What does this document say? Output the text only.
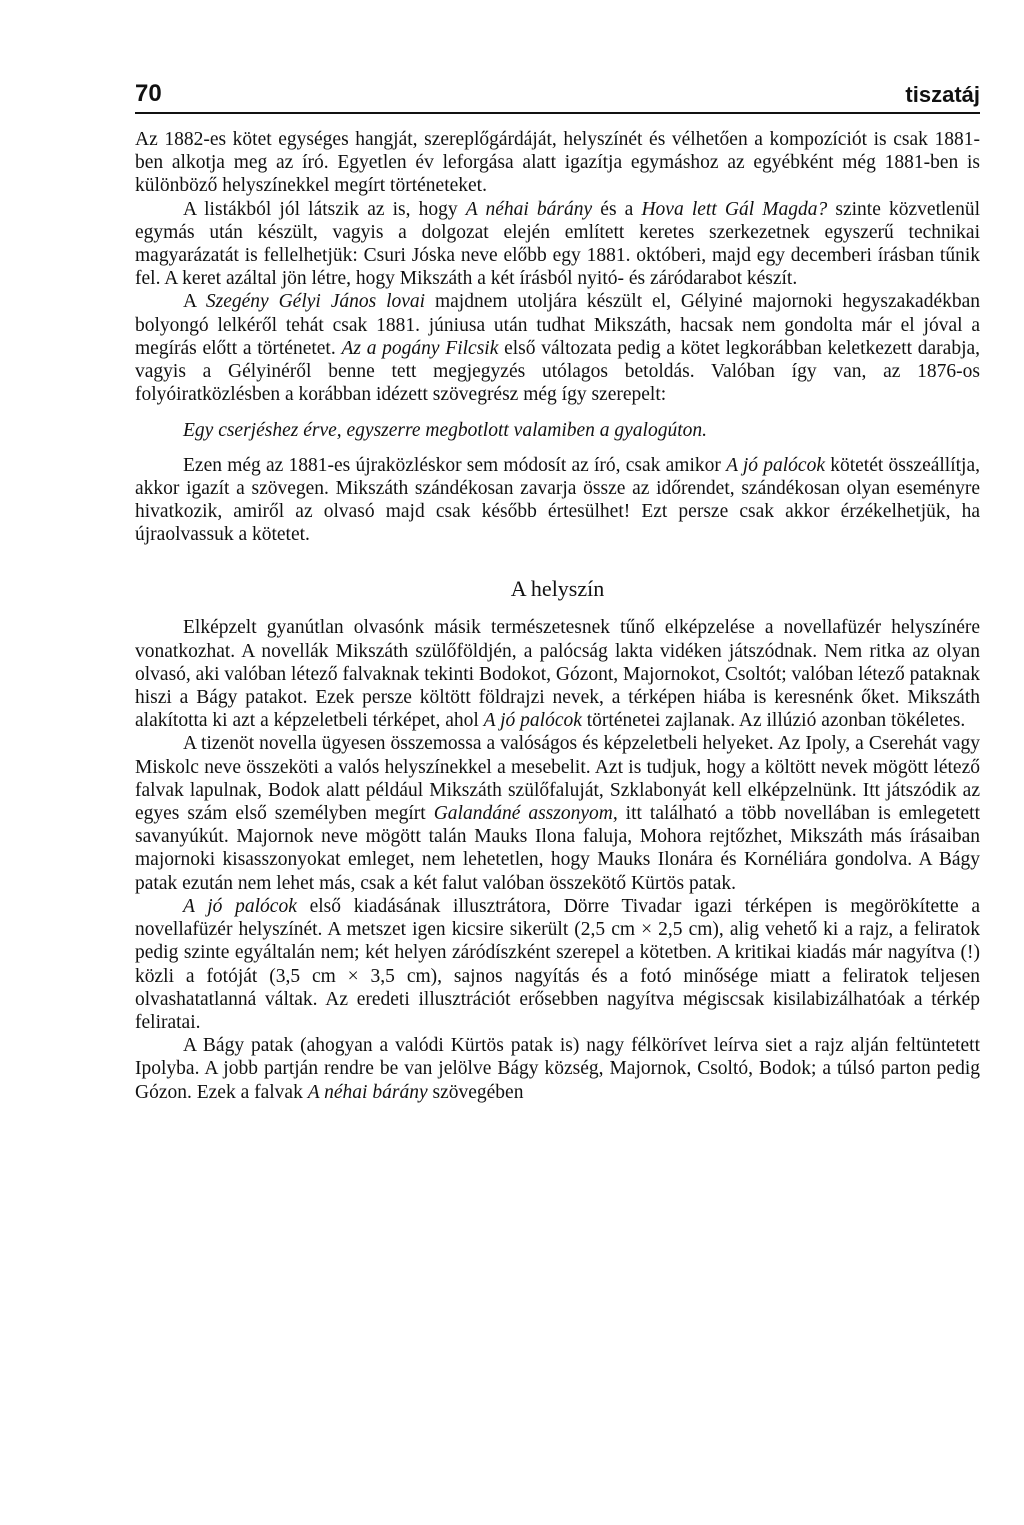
70	tiszatáj

Az 1882-es kötet egységes hangját, szereplőgárdáját, helyszínét és vélhetően a kompozíciót is csak 1881-ben alkotja meg az író. Egyetlen év leforgása alatt igazítja egymáshoz az egyébként még 1881-ben is különböző helyszínekkel megírt történeteket.

A listákból jól látszik az is, hogy A néhai bárány és a Hova lett Gál Magda? szinte közvetlenül egymás után készült, vagyis a dolgozat elején említett keretes szerkezetnek egyszerű technikai magyarázatát is fellelhetjük: Csuri Jóska neve előbb egy 1881. októberi, majd egy decemberi írásban tűnik fel. A keret azáltal jön létre, hogy Mikszáth a két írásból nyitó- és záródarabot készít.

A Szegény Gélyi János lovai majdnem utoljára készült el, Gélyiné majornoki hegyszakadékban bolyongó lelkéről tehát csak 1881. júniusa után tudhat Mikszáth, hacsak nem gondolta már el jóval a megírás előtt a történetet. Az a pogány Filcsik első változata pedig a kötet legkorábban keletkezett darabja, vagyis a Gélyinéről benne tett megjegyzés utólagos betoldás. Valóban így van, az 1876-os folyóiratközlésben a korábban idézett szövegrész még így szerepelt:

Egy cserjéshez érve, egyszerre megbotlott valamiben a gyalogúton.

Ezen még az 1881-es újraközléskor sem módosít az író, csak amikor A jó palócok kötetét összeállítja, akkor igazít a szövegen. Mikszáth szándékosan zavarja össze az időrendet, szándékosan olyan eseményre hivatkozik, amiről az olvasó majd csak később értesülhet! Ezt persze csak akkor érzékelhetjük, ha újraolvassuk a kötetet.

A helyszín

Elképzelt gyanútlan olvasónk másik természetesnek tűnő elképzelése a novellafüzér helyszínére vonatkozhat. A novellák Mikszáth szülőföldjén, a palócság lakta vidéken játszódnak. Nem ritka az olyan olvasó, aki valóban létező falvaknak tekinti Bodokot, Gózont, Majornokot, Csoltót; valóban létező pataknak hiszi a Bágy patakot. Ezek persze költött földrajzi nevek, a térképen hiába is keresnénk őket. Mikszáth alakította ki azt a képzeletbeli térképet, ahol A jó palócok történetei zajlanak. Az illúzió azonban tökéletes.

A tizenöt novella ügyesen összemossa a valóságos és képzeletbeli helyeket. Az Ipoly, a Cserehát vagy Miskolc neve összeköti a valós helyszínekkel a mesebelit. Azt is tudjuk, hogy a költött nevek mögött létező falvak lapulnak, Bodok alatt például Mikszáth szülőfaluját, Szklabonyát kell elképzelnünk. Itt játszódik az egyes szám első személyben megírt Galandáné asszonyom, itt található a több novellában is emlegetett savanyúkút. Majornok neve mögött talán Mauks Ilona faluja, Mohora rejtőzhet, Mikszáth más írásaiban majornoki kisasszonyokat emleget, nem lehetetlen, hogy Mauks Ilonára és Kornéliára gondolva. A Bágy patak ezután nem lehet más, csak a két falut valóban összekötő Kürtös patak.

A jó palócok első kiadásának illusztrátora, Dörre Tivadar igazi térképen is megörökítette a novellafüzér helyszínét. A metszet igen kicsire sikerült (2,5 cm × 2,5 cm), alig vehető ki a rajz, a feliratok pedig szinte egyáltalán nem; két helyen záródíszként szerepel a kötetben. A kritikai kiadás már nagyítva (!) közli a fotóját (3,5 cm × 3,5 cm), sajnos nagyítás és a fotó minősége miatt a feliratok teljesen olvashatatlanná váltak. Az eredeti illusztrációt erősebben nagyítva mégiscsak kisilabizálhatóak a térkép feliratai.

A Bágy patak (ahogyan a valódi Kürtös patak is) nagy félkörívet leírva siet a rajz alján feltüntetett Ipolyba. A jobb partján rendre be van jelölve Bágy község, Majornok, Csoltó, Bodok; a túlsó parton pedig Gózon. Ezek a falvak A néhai bárány szövegében
